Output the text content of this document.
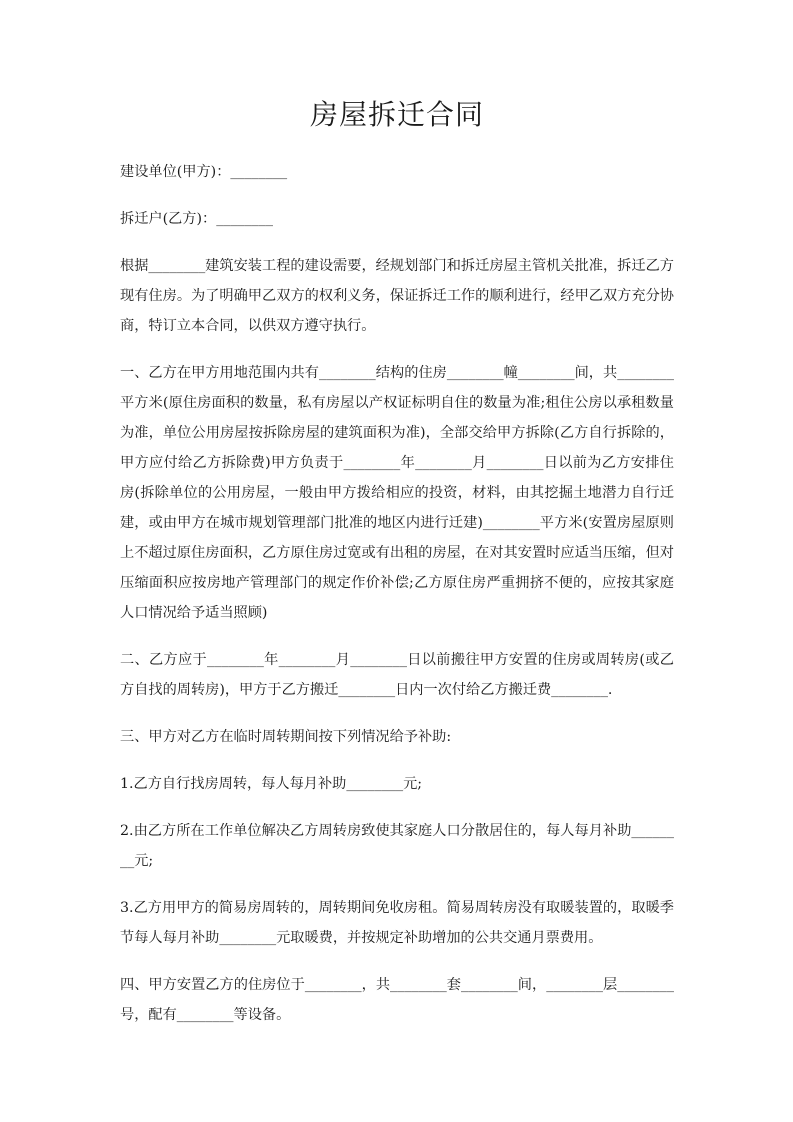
房屋拆迁合同

建设单位(甲方)：________

拆迁户(乙方)：________

根据________建筑安装工程的建设需要，经规划部门和拆迁房屋主管机关批准，拆迁乙方现有住房。为了明确甲乙双方的权利义务，保证拆迁工作的顺利进行，经甲乙双方充分协商，特订立本合同，以供双方遵守执行。

一、乙方在甲方用地范围内共有________结构的住房________幢________间，共________平方米(原住房面积的数量，私有房屋以产权证标明自住的数量为准;租住公房以承租数量为准，单位公用房屋按拆除房屋的建筑面积为准)，全部交给甲方拆除(乙方自行拆除的，甲方应付给乙方拆除费)甲方负责于________年________月________日以前为乙方安排住房(拆除单位的公用房屋，一般由甲方拨给相应的投资，材料，由其挖掘土地潜力自行迁建，或由甲方在城市规划管理部门批准的地区内进行迁建)________平方米(安置房屋原则上不超过原住房面积，乙方原住房过宽或有出租的房屋，在对其安置时应适当压缩，但对压缩面积应按房地产管理部门的规定作价补偿;乙方原住房严重拥挤不便的，应按其家庭人口情况给予适当照顾)

二、乙方应于________年________月________日以前搬往甲方安置的住房或周转房(或乙方自找的周转房)，甲方于乙方搬迁________日内一次付给乙方搬迁费________.

三、甲方对乙方在临时周转期间按下列情况给予补助:

1.乙方自行找房周转，每人每月补助________元;

2.由乙方所在工作单位解决乙方周转房致使其家庭人口分散居住的，每人每月补助________元;

3.乙方用甲方的简易房周转的，周转期间免收房租。简易周转房没有取暖装置的，取暖季节每人每月补助________元取暖费，并按规定补助增加的公共交通月票费用。

四、甲方安置乙方的住房位于________，共________套________间，________层________号，配有________等设备。
